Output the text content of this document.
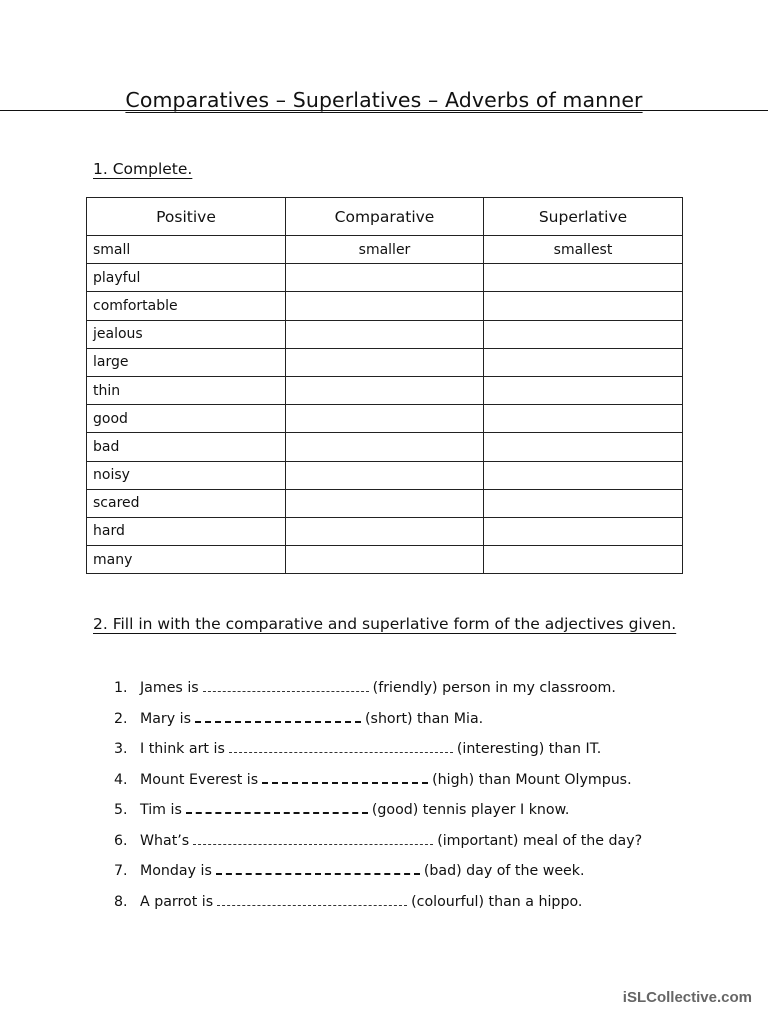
Comparatives – Superlatives – Adverbs of manner
1. Complete.
Positive	Comparative	Superlative
small	smaller	smallest
playful		
comfortable		
jealous		
large		
thin		
good		
bad		
noisy		
scared		
hard		
many		
2. Fill in with the comparative and superlative form of the adjectives given.
1. James is	(friendly) person in my classroom.
2. Mary is	(short) than Mia.
3. I think art is	(interesting) than IT.
4. Mount Everest is	(high) than Mount Olympus.
5. Tim is	(good) tennis player I know.
6. What’s	(important) meal of the day?
7. Monday is	(bad) day of the week.
8. A parrot is	(colourful) than a hippo.
iSLCollective.com
